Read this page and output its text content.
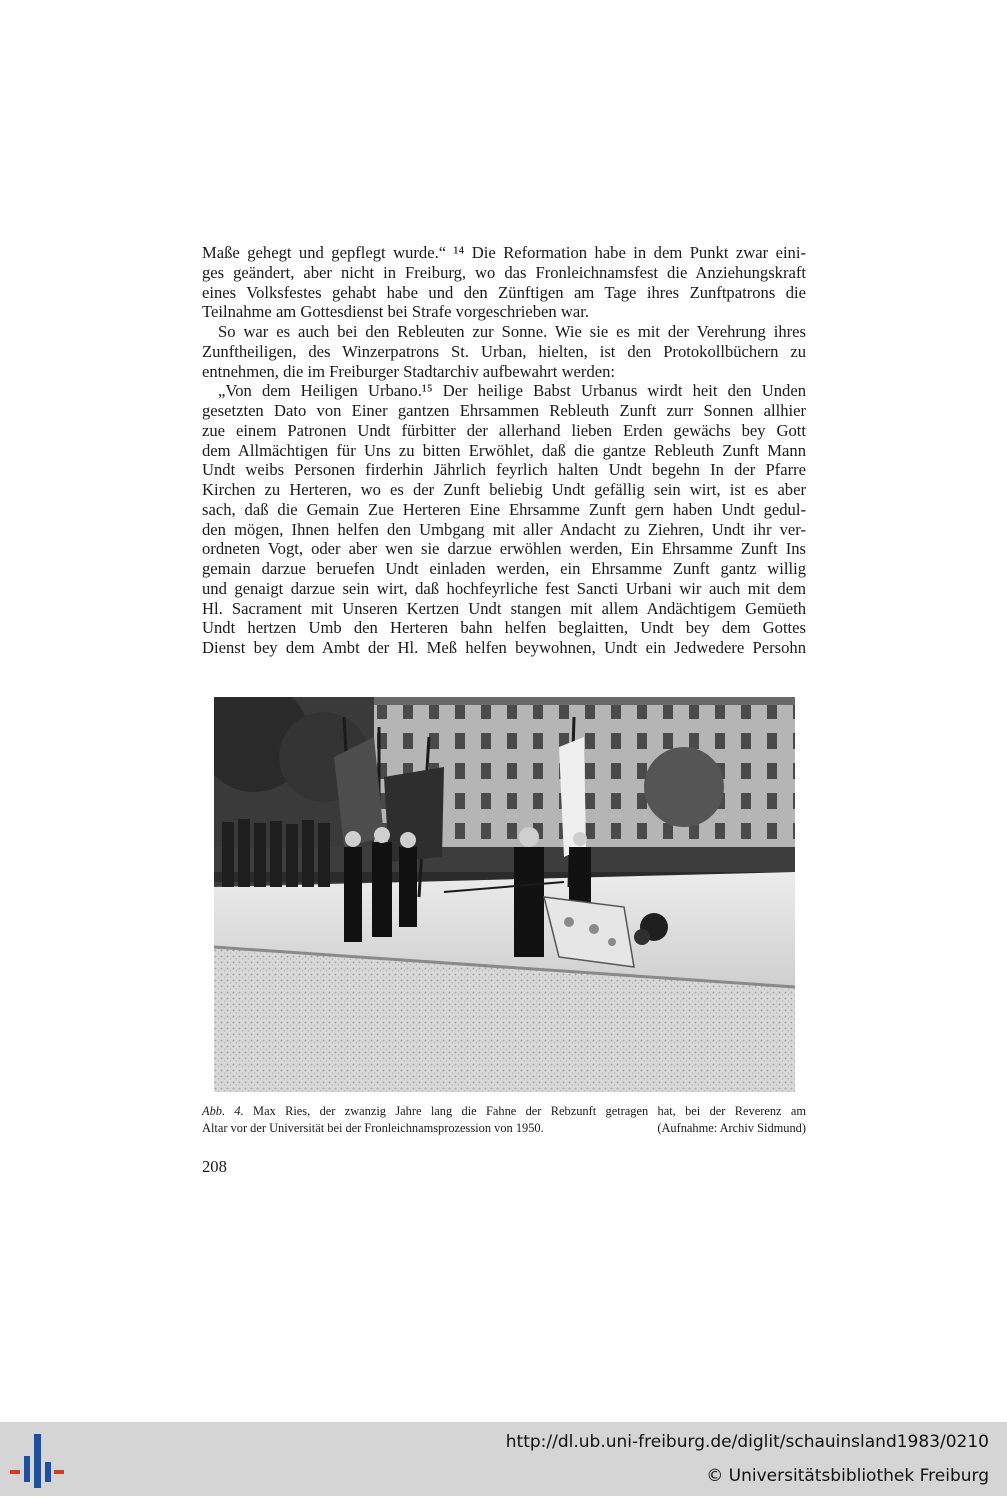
Maße gehegt und gepflegt wurde.“ ¹⁴ Die Reformation habe in dem Punkt zwar eini-
ges geändert, aber nicht in Freiburg, wo das Fronleichnamsfest die Anziehungskraft
eines Volksfestes gehabt habe und den Zünftigen am Tage ihres Zunftpatrons die
Teilnahme am Gottesdienst bei Strafe vorgeschrieben war.
So war es auch bei den Rebleuten zur Sonne. Wie sie es mit der Verehrung ihres
Zunftheiligen, des Winzerpatrons St. Urban, hielten, ist den Protokollbüchern zu
entnehmen, die im Freiburger Stadtarchiv aufbewahrt werden:
„Von dem Heiligen Urbano.¹⁵ Der heilige Babst Urbanus wirdt heit den Unden
gesetzten Dato von Einer gantzen Ehrsammen Rebleuth Zunft zurr Sonnen allhier
zue einem Patronen Undt fürbitter der allerhand lieben Erden gewächs bey Gott
dem Allmächtigen für Uns zu bitten Erwöhlet, daß die gantze Rebleuth Zunft Mann
Undt weibs Personen firderhin Jährlich feyrlich halten Undt begehn In der Pfarre
Kirchen zu Herteren, wo es der Zunft beliebig Undt gefällig sein wirt, ist es aber
sach, daß die Gemain Zue Herteren Eine Ehrsamme Zunft gern haben Undt gedul-
den mögen, Ihnen helfen den Umbgang mit aller Andacht zu Ziehren, Undt ihr ver-
ordneten Vogt, oder aber wen sie darzue erwöhlen werden, Ein Ehrsamme Zunft Ins
gemain darzue beruefen Undt einladen werden, ein Ehrsamme Zunft gantz willig
und genaigt darzue sein wirt, daß hochfeyrliche fest Sancti Urbani wir auch mit dem
Hl. Sacrament mit Unseren Kertzen Undt stangen mit allem Andächtigem Gemüeth
Undt hertzen Umb den Herteren bahn helfen beglaitten, Undt bey dem Gottes
Dienst bey dem Ambt der Hl. Meß helfen beywohnen, Undt ein Jedwedere Persohn
Abb. 4. Max Ries, der zwanzig Jahre lang die Fahne der Rebzunft getragen hat, bei der Reverenz am
Altar vor der Universität bei der Fronleichnamsprozession von 1950.	(Aufnahme: Archiv Sidmund)
208
http://dl.ub.uni-freiburg.de/diglit/schauinsland1983/0210
© Universitätsbibliothek Freiburg
